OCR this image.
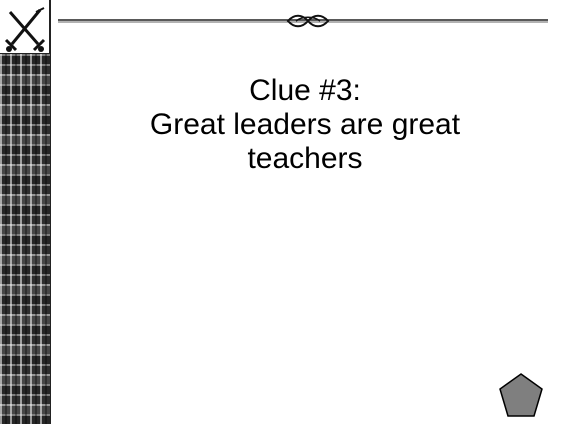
Clue #3:
Great leaders are great
teachers
